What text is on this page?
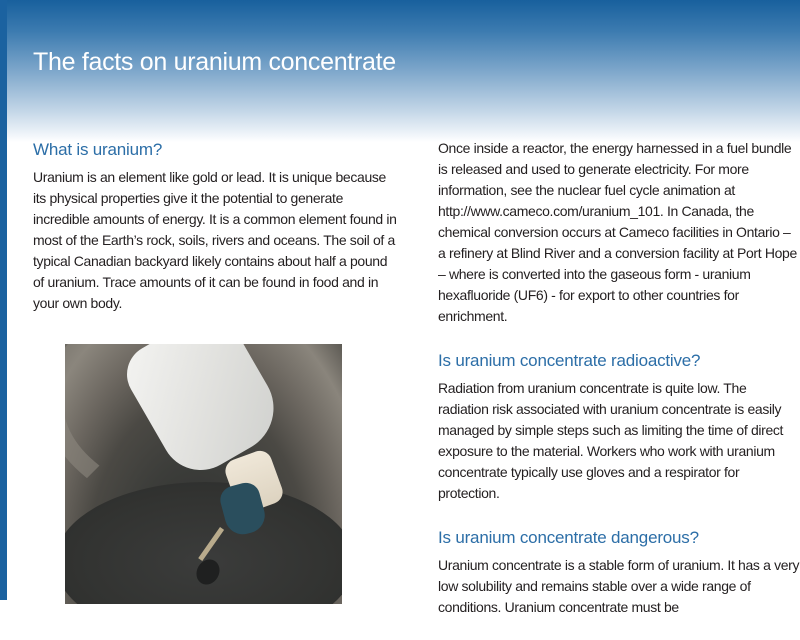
The facts on uranium concentrate
What is uranium?

Uranium is an element like gold or lead. It is unique because its physical properties give it the potential to generate incredible amounts of energy. It is a common element found in most of the Earth’s rock, soils, rivers and oceans. The soil of a typical Canadian backyard likely contains about half a pound of uranium. Trace amounts of it can be found in food and in your own body.

Once inside a reactor, the energy harnessed in a fuel bundle is released and used to generate electricity. For more information, see the nuclear fuel cycle animation at http://www.cameco.com/uranium_101. In Canada, the chemical conversion occurs at Cameco facilities in Ontario – a refinery at Blind River and a conversion facility at Port Hope – where is converted into the gaseous form - uranium hexafluoride (UF6) - for export to other countries for enrichment.

Is uranium concentrate radioactive?

Radiation from uranium concentrate is quite low. The radiation risk associated with uranium concentrate is easily managed by simple steps such as limiting the time of direct exposure to the material. Workers who work with uranium concentrate typically use gloves and a respirator for protection.

Is uranium concentrate dangerous?

Uranium concentrate is a stable form of uranium. It has a very low solubility and remains stable over a wide range of conditions. Uranium concentrate must be
